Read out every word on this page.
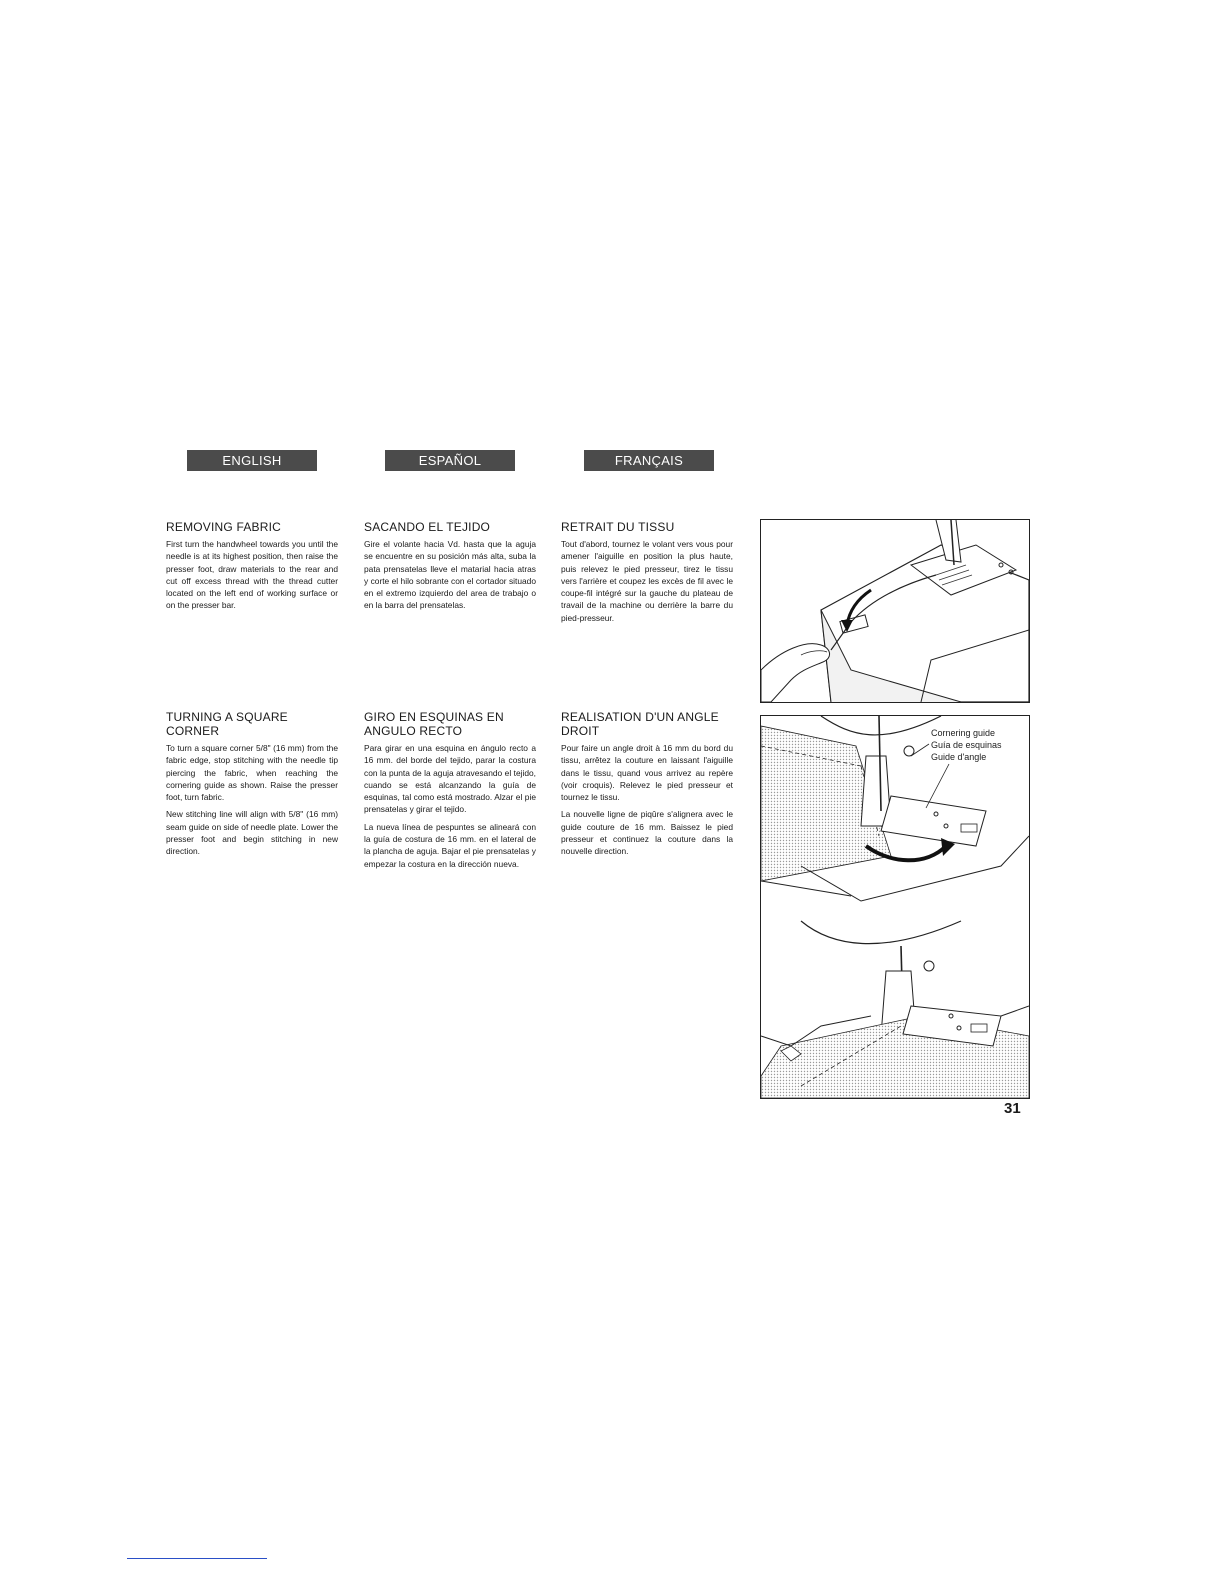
ENGLISH	ESPAÑOL	FRANÇAIS
REMOVING FABRIC

First turn the handwheel towards you until the needle is at its highest position, then raise the presser foot, draw materials to the rear and cut off excess thread with the thread cutter located on the left end of working surface or on the presser bar.

SACANDO EL TEJIDO

Gire el volante hacia Vd. hasta que la aguja se encuentre en su posición más alta, suba la pata prensatelas lleve el matarial hacia atras y corte el hilo sobrante con el cortador situado en el extremo izquierdo del area de trabajo o en la barra del prensatelas.

RETRAIT DU TISSU

Tout d'abord, tournez le volant vers vous pour amener l'aiguille en position la plus haute, puis relevez le pied presseur, tirez le tissu vers l'arrière et coupez les excès de fil avec le coupe-fil intégré sur la gauche du plateau de travail de la machine ou derrière la barre du pied-presseur.

TURNING A SQUARE
CORNER

To turn a square corner 5/8" (16 mm) from the fabric edge, stop stitching with the needle tip piercing the fabric, when reaching the cornering guide as shown. Raise the presser foot, turn fabric.

New stitching line will align with 5/8" (16 mm) seam guide on side of needle plate. Lower the presser foot and begin stitching in new direction.

GIRO EN ESQUINAS EN
ANGULO RECTO

Para girar en una esquina en ángulo recto a 16 mm. del borde del tejido, parar la costura con la punta de la aguja atravesando el tejido, cuando se está alcanzando la guía de esquinas, tal como está mostrado. Alzar el pie prensatelas y girar el tejido.

La nueva línea de pespuntes se alineará con la guía de costura de 16 mm. en el lateral de la plancha de aguja. Bajar el pie prensatelas y empezar la costura en la dirección nueva.

REALISATION D'UN ANGLE
DROIT

Pour faire un angle droit à 16 mm du bord du tissu, arrêtez la couture en laissant l'aiguille dans le tissu, quand vous arrivez au repère (voir croquis). Relevez le pied presseur et tournez le tissu.

La nouvelle ligne de piqûre s'alignera avec le guide couture de 16 mm. Baissez le pied presseur et continuez la couture dans la nouvelle direction.

Cornering guide
Guía de esquinas
Guide d'angle
31
